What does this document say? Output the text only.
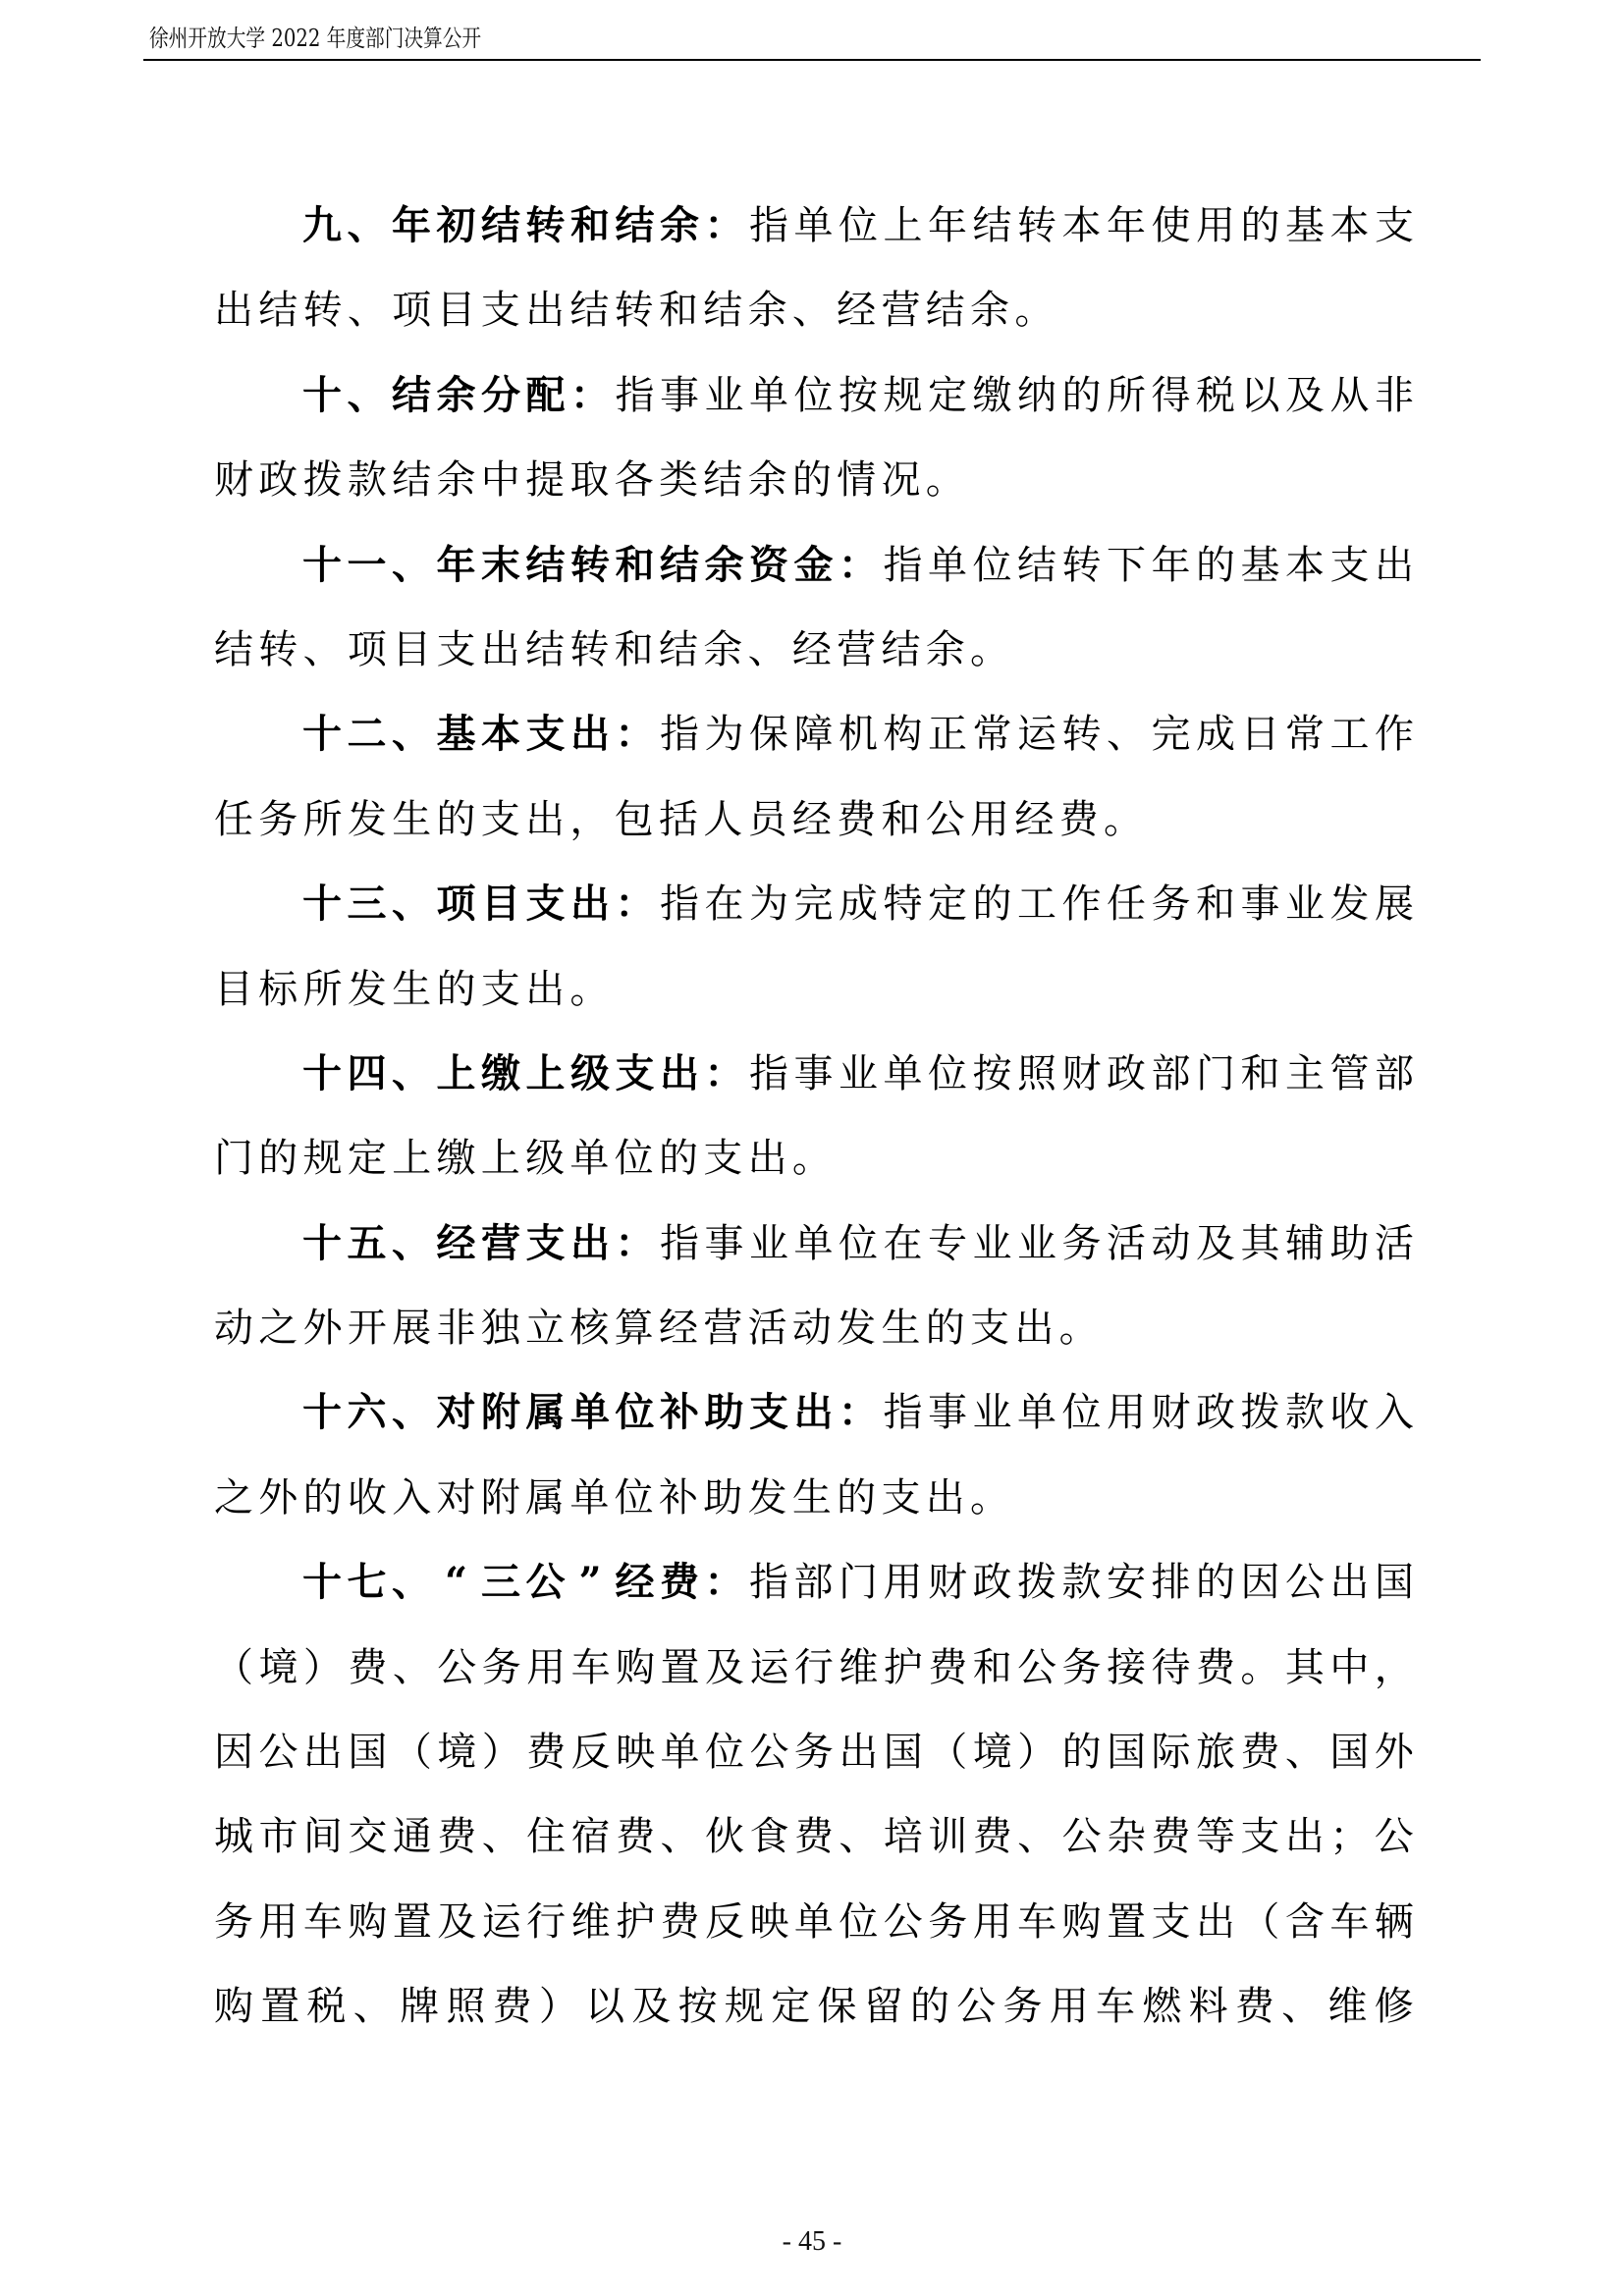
徐州开放大学 2022 年度部门决算公开
九 、 年 初 结 转 和 结 余 ： 指 单 位 上 年 结 转 本 年 使 用 的 基 本 支
出 结 转 、 项 目 支 出 结 转 和 结 余 、 经 营 结 余 。
十 、 结 余 分 配 ： 指 事 业 单 位 按 规 定 缴 纳 的 所 得 税 以 及 从 非
财 政 拨 款 结 余 中 提 取 各 类 结 余 的 情 况 。
十 一 、 年 末 结 转 和 结 余 资 金 ： 指 单 位 结 转 下 年 的 基 本 支 出
结 转 、 项 目 支 出 结 转 和 结 余 、 经 营 结 余 。
十 二 、 基 本 支 出 ： 指 为 保 障 机 构 正 常 运 转 、 完 成 日 常 工 作
任 务 所 发 生 的 支 出 ， 包 括 人 员 经 费 和 公 用 经 费 。
十 三 、 项 目 支 出 ： 指 在 为 完 成 特 定 的 工 作 任 务 和 事 业 发 展
目 标 所 发 生 的 支 出 。
十 四 、 上 缴 上 级 支 出 ： 指 事 业 单 位 按 照 财 政 部 门 和 主 管 部
门 的 规 定 上 缴 上 级 单 位 的 支 出 。
十 五 、 经 营 支 出 ： 指 事 业 单 位 在 专 业 业 务 活 动 及 其 辅 助 活
动 之 外 开 展 非 独 立 核 算 经 营 活 动 发 生 的 支 出 。
十 六 、 对 附 属 单 位 补 助 支 出 ： 指 事 业 单 位 用 财 政 拨 款 收 入
之 外 的 收 入 对 附 属 单 位 补 助 发 生 的 支 出 。
十 七 、 “ 三 公 ” 经 费 ： 指 部 门 用 财 政 拨 款 安 排 的 因 公 出 国
（ 境 ） 费 、 公 务 用 车 购 置 及 运 行 维 护 费 和 公 务 接 待 费 。 其 中 ，
因 公 出 国 （ 境 ） 费 反 映 单 位 公 务 出 国 （ 境 ） 的 国 际 旅 费 、 国 外
城 市 间 交 通 费 、 住 宿 费 、 伙 食 费 、 培 训 费 、 公 杂 费 等 支 出 ； 公
务 用 车 购 置 及 运 行 维 护 费 反 映 单 位 公 务 用 车 购 置 支 出 （ 含 车 辆
购 置 税 、 牌 照 费 ） 以 及 按 规 定 保 留 的 公 务 用 车 燃 料 费 、 维 修
- 45 -
